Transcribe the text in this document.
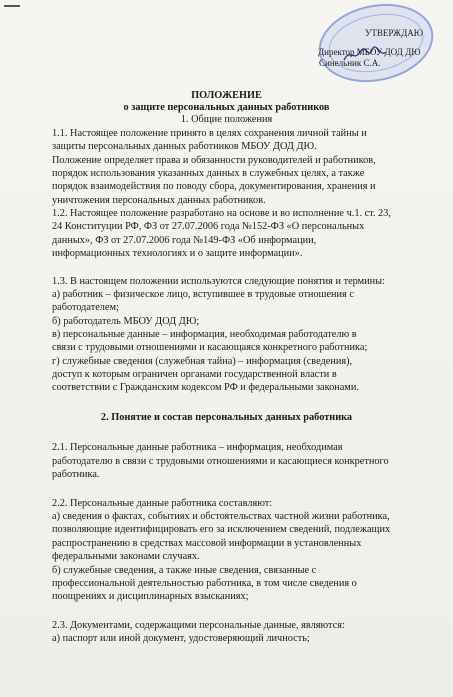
УТВЕРЖДАЮ
Директор МБОУ ДОД ДЮ
Синельник С.А.
ПОЛОЖЕНИЕ
о защите персональных данных работников
1. Общие положения
1.1. Настоящее положение принято в целях сохранения личной тайны и
защиты персональных данных работников МБОУ ДОД ДЮ.
Положение определяет права и обязанности руководителей и работников,
порядок использования указанных данных в служебных целях, а также
порядок взаимодействия по поводу сбора, документирования, хранения и
уничтожения персональных данных работников.
1.2. Настоящее положение разработано на основе и во исполнение ч.1. ст. 23,
24 Конституции РФ, ФЗ от 27.07.2006 года №152-ФЗ «О персональных
данных», ФЗ от 27.07.2006 года №149-ФЗ «Об информации,
информационных технологиях и о защите информации».
1.3. В настоящем положении используются следующие понятия и термины:
а) работник – физическое лицо, вступившее в трудовые отношения с
работодателем;
б) работодатель МБОУ ДОД ДЮ;
в) персональные данные – информация, необходимая работодателю в
связи с трудовыми отношениями и касающаяся конкретного работника;
г) служебные сведения (служебная тайна) – информация (сведения),
доступ к которым ограничен органами государственной власти в
соответствии с Гражданским кодексом РФ и федеральными законами.
2. Понятие и состав персональных данных работника
2.1. Персональные данные работника – информация, необходимая
работодателю в связи с трудовыми отношениями и касающиеся конкретного
работника.
2.2. Персональные данные работника составляют:
а) сведения о фактах, событиях и обстоятельствах частной жизни работника,
позволяющие идентифицировать его за исключением сведений, подлежащих
распространению в средствах массовой информации в установленных
федеральными законами случаях.
б) служебные сведения, а также иные сведения, связанные с
профессиональной деятельностью работника, в том числе сведения о
поощрениях и дисциплинарных взысканиях;
2.3. Документами, содержащими персональные данные, являются:
а) паспорт или иной документ, удостоверяющий личность;
